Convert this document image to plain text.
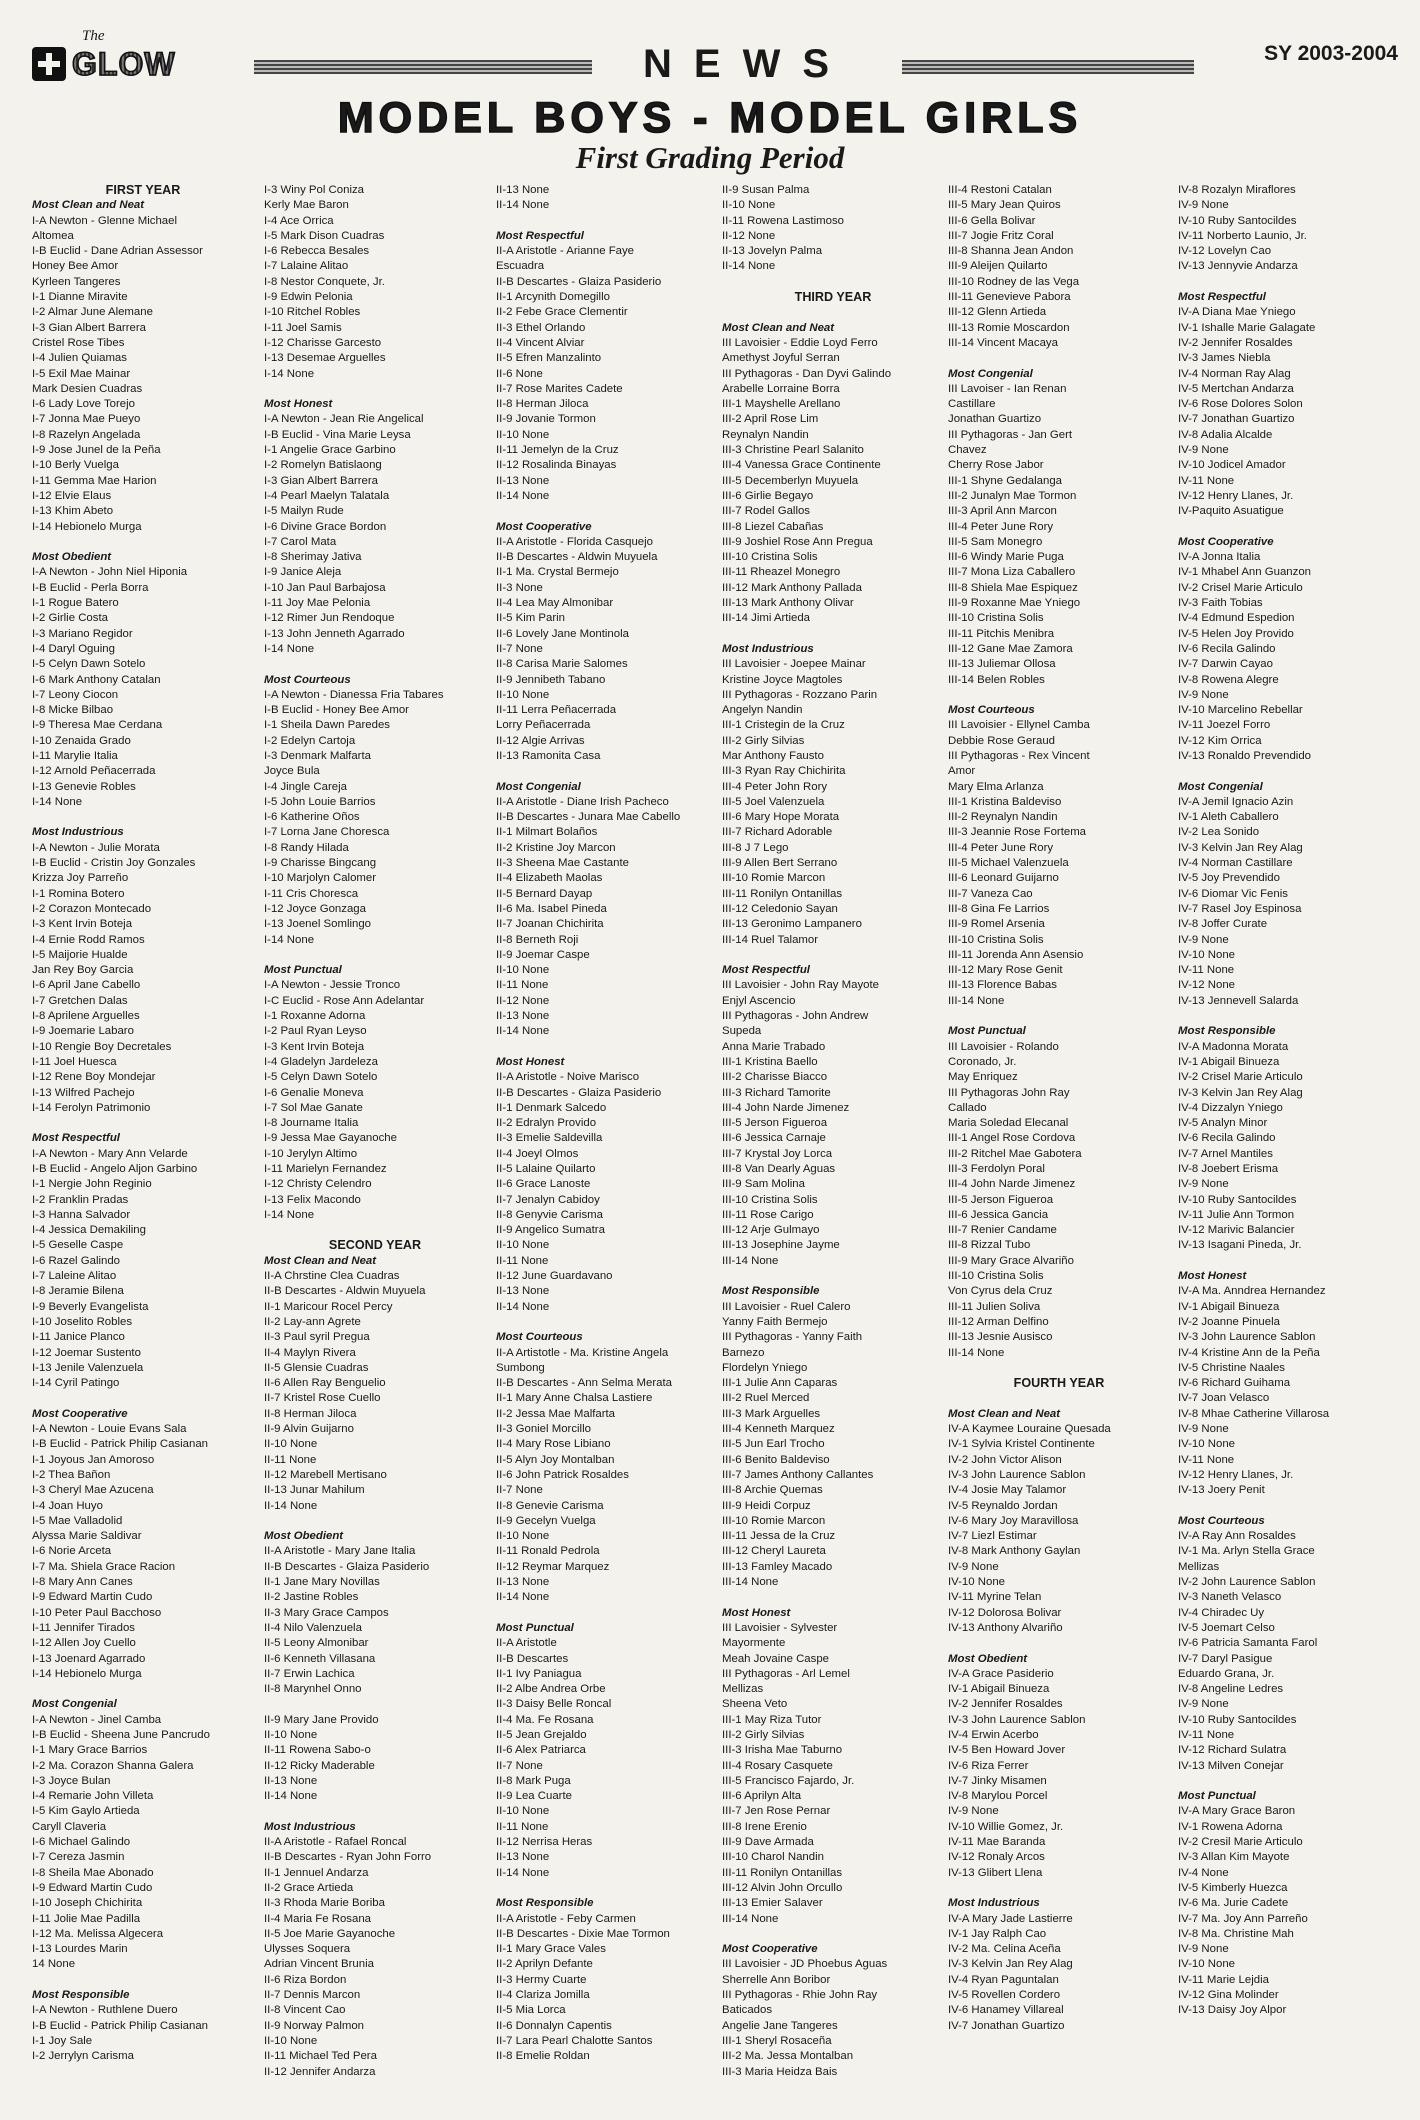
The
GLOW	NEWS	SY 2003-2004
MODEL BOYS - MODEL GIRLS
First Grading Period
FIRST YEAR
Most Clean and Neat
I-A Newton - Glenne Michael
Altomea
I-B Euclid - Dane Adrian Assessor
Honey Bee Amor
Kyrleen Tangeres
I-1 Dianne Miravite
I-2 Almar June Alemane
I-3 Gian Albert Barrera
Cristel Rose Tibes
I-4 Julien Quiamas
I-5 Exil Mae Mainar
Mark Desien Cuadras
I-6 Lady Love Torejo
I-7 Jonna Mae Pueyo
I-8 Razelyn Angelada
I-9 Jose Junel de la Peña
I-10 Berly Vuelga
I-11 Gemma Mae Harion
I-12 Elvie Elaus
I-13 Khim Abeto
I-14 Hebionelo Murga
Most Obedient
I-A Newton - John Niel Hiponia
I-B Euclid - Perla Borra
I-1 Rogue Batero
I-2 Girlie Costa
I-3 Mariano Regidor
I-4 Daryl Oguing
I-5 Celyn Dawn Sotelo
I-6 Mark Anthony Catalan
I-7 Leony Ciocon
I-8 Micke Bilbao
I-9 Theresa Mae Cerdana
I-10 Zenaida Grado
I-11 Marylie Italia
I-12 Arnold Peñacerrada
I-13 Genevie Robles
I-14 None
Most Industrious
I-A Newton - Julie Morata
I-B Euclid - Cristin Joy Gonzales
Krizza Joy Parreño
I-1 Romina Botero
I-2 Corazon Montecado
I-3 Kent Irvin Boteja
I-4 Ernie Rodd Ramos
I-5 Maijorie Hualde
Jan Rey Boy Garcia
I-6 April Jane Cabello
I-7 Gretchen Dalas
I-8 Aprilene Arguelles
I-9 Joemarie Labaro
I-10 Rengie Boy Decretales
I-11 Joel Huesca
I-12 Rene Boy Mondejar
I-13 Wilfred Pachejo
I-14 Ferolyn Patrimonio
Most Respectful
I-A Newton - Mary Ann Velarde
I-B Euclid - Angelo Aljon Garbino
I-1 Nergie John Reginio
I-2 Franklin Pradas
I-3 Hanna Salvador
I-4 Jessica Demakiling
I-5 Geselle Caspe
I-6 Razel Galindo
I-7 Laleine Alitao
I-8 Jeramie Bilena
I-9 Beverly Evangelista
I-10 Joselito Robles
I-11 Janice Planco
I-12 Joemar Sustento
I-13 Jenile Valenzuela
I-14 Cyril Patingo
Most Cooperative
I-A Newton - Louie Evans Sala
I-B Euclid - Patrick Philip Casianan
I-1 Joyous Jan Amoroso
I-2 Thea Bañon
I-3 Cheryl Mae Azucena
I-4 Joan Huyo
I-5 Mae Valladolid
Alyssa Marie Saldivar
I-6 Norie Arceta
I-7 Ma. Shiela Grace Racion
I-8 Mary Ann Canes
I-9 Edward Martin Cudo
I-10 Peter Paul Bacchoso
I-11 Jennifer Tirados
I-12 Allen Joy Cuello
I-13 Joenard Agarrado
I-14 Hebionelo Murga
Most Congenial
I-A Newton - Jinel Camba
I-B Euclid - Sheena June Pancrudo
I-1 Mary Grace Barrios
I-2 Ma. Corazon Shanna Galera
I-3 Joyce Bulan
I-4 Remarie John Villeta
I-5 Kim Gaylo Artieda
Caryll Claveria
I-6 Michael Galindo
I-7 Cereza Jasmin
I-8 Sheila Mae Abonado
I-9 Edward Martin Cudo
I-10 Joseph Chichirita
I-11 Jolie Mae Padilla
I-12 Ma. Melissa Algecera
I-13 Lourdes Marin
14 None
Most Responsible
I-A Newton - Ruthlene Duero
I-B Euclid - Patrick Philip Casianan
I-1 Joy Sale
I-2 Jerrylyn Carisma
I-3 Winy Pol Coniza
Kerly Mae Baron
I-4 Ace Orrica
I-5 Mark Dison Cuadras
I-6 Rebecca Besales
I-7 Lalaine Alitao
I-8 Nestor Conquete, Jr.
I-9 Edwin Pelonia
I-10 Ritchel Robles
I-11 Joel Samis
I-12 Charisse Garcesto
I-13 Desemae Arguelles
I-14 None
Most Honest
I-A Newton - Jean Rie Angelical
I-B Euclid - Vina Marie Leysa
I-1 Angelie Grace Garbino
I-2 Romelyn Batislaong
I-3 Gian Albert Barrera
I-4 Pearl Maelyn Talatala
I-5 Mailyn Rude
I-6 Divine Grace Bordon
I-7 Carol Mata
I-8 Sherimay Jativa
I-9 Janice Aleja
I-10 Jan Paul Barbajosa
I-11 Joy Mae Pelonia
I-12 Rimer Jun Rendoque
I-13 John Jenneth Agarrado
I-14 None
Most Courteous
I-A Newton - Dianessa Fria Tabares
I-B Euclid - Honey Bee Amor
I-1 Sheila Dawn Paredes
I-2 Edelyn Cartoja
I-3 Denmark Malfarta
Joyce Bula
I-4 Jingle Careja
I-5 John Louie Barrios
I-6 Katherine Oños
I-7 Lorna Jane Choresca
I-8 Randy Hilada
I-9 Charisse Bingcang
I-10 Marjolyn Calomer
I-11 Cris Choresca
I-12 Joyce Gonzaga
I-13 Joenel Somlingo
I-14 None
Most Punctual
I-A Newton - Jessie Tronco
I-C Euclid - Rose Ann Adelantar
I-1 Roxanne Adorna
I-2 Paul Ryan Leyso
I-3 Kent Irvin Boteja
I-4 Gladelyn Jardeleza
I-5 Celyn Dawn Sotelo
I-6 Genalie Moneva
I-7 Sol Mae Ganate
I-8 Journame Italia
I-9 Jessa Mae Gayanoche
I-10 Jerylyn Altimo
I-11 Marielyn Fernandez
I-12 Christy Celendro
I-13 Felix Macondo
I-14 None
SECOND YEAR
Most Clean and Neat
II-A Chrstine Clea Cuadras
II-B Descartes - Aldwin Muyuela
II-1 Maricour Rocel Percy
II-2 Lay-ann Agrete
II-3 Paul syril Pregua
II-4 Maylyn Rivera
II-5 Glensie Cuadras
II-6 Allen Ray Benguelio
II-7 Kristel Rose Cuello
II-8 Herman Jiloca
II-9 Alvin Guijarno
II-10 None
II-11 None
II-12 Marebell Mertisano
II-13 Junar Mahilum
II-14 None
Most Obedient
II-A Aristotle - Mary Jane Italia
II-B Descartes - Glaiza Pasiderio
II-1 Jane Mary Novillas
II-2 Jastine Robles
II-3 Mary Grace Campos
II-4 Nilo Valenzuela
II-5 Leony Almonibar
II-6 Kenneth Villasana
II-7 Erwin Lachica
II-8 Marynhel Onno
II-9 Mary Jane Provido
II-10 None
II-11 Rowena Sabo-o
II-12 Ricky Maderable
II-13 None
II-14 None
Most Industrious
II-A Aristotle - Rafael Roncal
II-B Descartes - Ryan John Forro
II-1 Jennuel Andarza
II-2 Grace Artieda
II-3 Rhoda Marie Boriba
II-4 Maria Fe Rosana
II-5 Joe Marie Gayanoche
Ulysses Soquera
Adrian Vincent Brunia
II-6 Riza Bordon
II-7 Dennis Marcon
II-8 Vincent Cao
II-9 Norway Palmon
II-10 None
II-11 Michael Ted Pera
II-12 Jennifer Andarza
II-13 None
II-14 None
Most Respectful
II-A Aristotle - Arianne Faye
Escuadra
II-B Descartes - Glaiza Pasiderio
II-1 Arcynith Domegillo
II-2 Febe Grace Clementir
II-3 Ethel Orlando
II-4 Vincent Alviar
II-5 Efren Manzalinto
II-6 None
II-7 Rose Marites Cadete
II-8 Herman Jiloca
II-9 Jovanie Tormon
II-10 None
II-11 Jemelyn de la Cruz
II-12 Rosalinda Binayas
II-13 None
II-14 None
Most Cooperative
II-A Aristotle - Florida Casquejo
II-B Descartes - Aldwin Muyuela
II-1 Ma. Crystal Bermejo
II-3 None
II-4 Lea May Almonibar
II-5 Kim Parin
II-6 Lovely Jane Montinola
II-7 None
II-8 Carisa Marie Salomes
II-9 Jennibeth Tabano
II-10 None
II-11 Lerra Peñacerrada
Lorry Peñacerrada
II-12 Algie Arrivas
II-13 Ramonita Casa
Most Congenial
II-A Aristotle - Diane Irish Pacheco
II-B Descartes - Junara Mae Cabello
II-1 Milmart Bolaños
II-2 Kristine Joy Marcon
II-3 Sheena Mae Castante
II-4 Elizabeth Maolas
II-5 Bernard Dayap
II-6 Ma. Isabel Pineda
II-7 Joanan Chichirita
II-8 Berneth Roji
II-9 Joemar Caspe
II-10 None
II-11 None
II-12 None
II-13 None
II-14 None
Most Honest
II-A Aristotle - Noive Marisco
II-B Descartes - Glaiza Pasiderio
II-1 Denmark Salcedo
II-2 Edralyn Provido
II-3 Emelie Saldevilla
II-4 Joeyl Olmos
II-5 Lalaine Quilarto
II-6 Grace Lanoste
II-7 Jenalyn Cabidoy
II-8 Genyvie Carisma
II-9 Angelico Sumatra
II-10 None
II-11 None
II-12 June Guardavano
II-13 None
II-14 None
Most Courteous
II-A Artistotle - Ma. Kristine Angela
Sumbong
II-B Descartes - Ann Selma Merata
II-1 Mary Anne Chalsa Lastiere
II-2 Jessa Mae Malfarta
II-3 Goniel Morcillo
II-4 Mary Rose Libiano
II-5 Alyn Joy Montalban
II-6 John Patrick Rosaldes
II-7 None
II-8 Genevie Carisma
II-9 Gecelyn Vuelga
II-10 None
II-11 Ronald Pedrola
II-12 Reymar Marquez
II-13 None
II-14 None
Most Punctual
II-A Aristotle
II-B Descartes
II-1 Ivy Paniagua
II-2 Albe Andrea Orbe
II-3 Daisy Belle Roncal
II-4 Ma. Fe Rosana
II-5 Jean Grejaldo
II-6 Alex Patriarca
II-7 None
II-8 Mark Puga
II-9 Lea Cuarte
II-10 None
II-11 None
II-12 Nerrisa Heras
II-13 None
II-14 None
Most Responsible
II-A Aristotle - Feby Carmen
II-B Descartes - Dixie Mae Tormon
II-1 Mary Grace Vales
II-2 Aprilyn Defante
II-3 Hermy Cuarte
II-4 Clariza Jomilla
II-5 Mia Lorca
II-6 Donnalyn Capentis
II-7 Lara Pearl Chalotte Santos
II-8 Emelie Roldan
II-9 Susan Palma
II-10 None
II-11 Rowena Lastimoso
II-12 None
II-13 Jovelyn Palma
II-14 None
THIRD YEAR
Most Clean and Neat
III Lavoisier - Eddie Loyd Ferro
Amethyst Joyful Serran
III Pythagoras - Dan Dyvi Galindo
Arabelle Lorraine Borra
III-1 Mayshelle Arellano
III-2 April Rose Lim
Reynalyn Nandin
III-3 Christine Pearl Salanito
III-4 Vanessa Grace Continente
III-5 Decemberlyn Muyuela
III-6 Girlie Begayo
III-7 Rodel Gallos
III-8 Liezel Cabañas
III-9 Joshiel Rose Ann Pregua
III-10 Cristina Solis
III-11 Rheazel Monegro
III-12 Mark Anthony Pallada
III-13 Mark Anthony Olivar
III-14 Jimi Artieda
Most Industrious
III Lavoisier - Joepee Mainar
Kristine Joyce Magtoles
III Pythagoras - Rozzano Parin
Angelyn Nandin
III-1 Cristegin de la Cruz
III-2 Girly Silvias
Mar Anthony Fausto
III-3 Ryan Ray Chichirita
III-4 Peter John Rory
III-5 Joel Valenzuela
III-6 Mary Hope Morata
III-7 Richard Adorable
III-8 J 7 Lego
III-9 Allen Bert Serrano
III-10 Romie Marcon
III-11 Ronilyn Ontanillas
III-12 Celedonio Sayan
III-13 Geronimo Lampanero
III-14 Ruel Talamor
Most Respectful
III Lavoisier - John Ray Mayote
Enjyl Ascencio
III Pythagoras - John Andrew
Supeda
Anna Marie Trabado
III-1 Kristina Baello
III-2 Charisse Biacco
III-3 Richard Tamorite
III-4 John Narde Jimenez
III-5 Jerson Figueroa
III-6 Jessica Carnaje
III-7 Krystal Joy Lorca
III-8 Van Dearly Aguas
III-9 Sam Molina
III-10 Cristina Solis
III-11 Rose Carigo
III-12 Arje Gulmayo
III-13 Josephine Jayme
III-14 None
Most Responsible
III Lavoisier - Ruel Calero
Yanny Faith Bermejo
III Pythagoras - Yanny Faith
Barnezo
Flordelyn Yniego
III-1 Julie Ann Caparas
III-2 Ruel Merced
III-3 Mark Arguelles
III-4 Kenneth Marquez
III-5 Jun Earl Trocho
III-6 Benito Baldeviso
III-7 James Anthony Callantes
III-8 Archie Quemas
III-9 Heidi Corpuz
III-10 Romie Marcon
III-11 Jessa de la Cruz
III-12 Cheryl Laureta
III-13 Famley Macado
III-14 None
Most Honest
III Lavoisier - Sylvester
Mayormente
Meah Jovaine Caspe
III Pythagoras - Arl Lemel
Mellizas
Sheena Veto
III-1 May Riza Tutor
III-2 Girly Silvias
III-3 Irisha Mae Taburno
III-4 Rosary Casquete
III-5 Francisco Fajardo, Jr.
III-6 Aprilyn Alta
III-7 Jen Rose Pernar
III-8 Irene Erenio
III-9 Dave Armada
III-10 Charol Nandin
III-11 Ronilyn Ontanillas
III-12 Alvin John Orcullo
III-13 Emier Salaver
III-14 None
Most Cooperative
III Lavoisier - JD Phoebus Aguas
Sherrelle Ann Boribor
III Pythagoras - Rhie John Ray
Baticados
Angelie Jane Tangeres
III-1 Sheryl Rosaceña
III-2 Ma. Jessa Montalban
III-3 Maria Heidza Bais
III-4 Restoni Catalan
III-5 Mary Jean Quiros
III-6 Gella Bolivar
III-7 Jogie Fritz Coral
III-8 Shanna Jean Andon
III-9 Aleijen Quilarto
III-10 Rodney de las Vega
III-11 Genevieve Pabora
III-12 Glenn Artieda
III-13 Romie Moscardon
III-14 Vincent Macaya
Most Congenial
III Lavoiser - Ian Renan
Castillare
Jonathan Guartizo
III Pythagoras - Jan Gert
Chavez
Cherry Rose Jabor
III-1 Shyne Gedalanga
III-2 Junalyn Mae Tormon
III-3 April Ann Marcon
III-4 Peter June Rory
III-5 Sam Monegro
III-6 Windy Marie Puga
III-7 Mona Liza Caballero
III-8 Shiela Mae Espiquez
III-9 Roxanne Mae Yniego
III-10 Cristina Solis
III-11 Pitchis Menibra
III-12 Gane Mae Zamora
III-13 Juliemar Ollosa
III-14 Belen Robles
Most Courteous
III Lavoisier - Ellynel Camba
Debbie Rose Geraud
III Pythagoras - Rex Vincent
Amor
Mary Elma Arlanza
III-1 Kristina Baldeviso
III-2 Reynalyn Nandin
III-3 Jeannie Rose Fortema
III-4 Peter June Rory
III-5 Michael Valenzuela
III-6 Leonard Guijarno
III-7 Vaneza Cao
III-8 Gina Fe Larrios
III-9 Romel Arsenia
III-10 Cristina Solis
III-11 Jorenda Ann Asensio
III-12 Mary Rose Genit
III-13 Florence Babas
III-14 None
Most Punctual
III Lavoisier - Rolando
Coronado, Jr.
May Enriquez
III Pythagoras John Ray
Callado
Maria Soledad Elecanal
III-1 Angel Rose Cordova
III-2 Ritchel Mae Gabotera
III-3 Ferdolyn Poral
III-4 John Narde Jimenez
III-5 Jerson Figueroa
III-6 Jessica Gancia
III-7 Renier Candame
III-8 Rizzal Tubo
III-9 Mary Grace Alvariño
III-10 Cristina Solis
Von Cyrus dela Cruz
III-11 Julien Soliva
III-12 Arman Delfino
III-13 Jesnie Ausisco
III-14 None
FOURTH YEAR
Most Clean and Neat
IV-A Kaymee Louraine Quesada
IV-1 Sylvia Kristel Continente
IV-2 John Victor Alison
IV-3 John Laurence Sablon
IV-4 Josie May Talamor
IV-5 Reynaldo Jordan
IV-6 Mary Joy Maravillosa
IV-7 Liezl Estimar
IV-8 Mark Anthony Gaylan
IV-9 None
IV-10 None
IV-11 Myrine Telan
IV-12 Dolorosa Bolivar
IV-13 Anthony Alvariño
Most Obedient
IV-A Grace Pasiderio
IV-1 Abigail Binueza
IV-2 Jennifer Rosaldes
IV-3 John Laurence Sablon
IV-4 Erwin Acerbo
IV-5 Ben Howard Jover
IV-6 Riza Ferrer
IV-7 Jinky Misamen
IV-8 Marylou Porcel
IV-9 None
IV-10 Willie Gomez, Jr.
IV-11 Mae Baranda
IV-12 Ronaly Arcos
IV-13 Glibert Llena
Most Industrious
IV-A Mary Jade Lastierre
IV-1 Jay Ralph Cao
IV-2 Ma. Celina Aceña
IV-3 Kelvin Jan Rey Alag
IV-4 Ryan Paguntalan
IV-5 Rovellen Cordero
IV-6 Hanamey Villareal
IV-7 Jonathan Guartizo
IV-8 Rozalyn Miraflores
IV-9 None
IV-10 Ruby Santocildes
IV-11 Norberto Launio, Jr.
IV-12 Lovelyn Cao
IV-13 Jennyvie Andarza
Most Respectful
IV-A Diana Mae Yniego
IV-1 Ishalle Marie Galagate
IV-2 Jennifer Rosaldes
IV-3 James Niebla
IV-4 Norman Ray Alag
IV-5 Mertchan Andarza
IV-6 Rose Dolores Solon
IV-7 Jonathan Guartizo
IV-8 Adalia Alcalde
IV-9 None
IV-10 Jodicel Amador
IV-11 None
IV-12 Henry Llanes, Jr.
IV-Paquito Asuatigue
Most Cooperative
IV-A Jonna Italia
IV-1 Mhabel Ann Guanzon
IV-2 Crisel Marie Articulo
IV-3 Faith Tobias
IV-4 Edmund Espedion
IV-5 Helen Joy Provido
IV-6 Recila Galindo
IV-7 Darwin Cayao
IV-8 Rowena Alegre
IV-9 None
IV-10 Marcelino Rebellar
IV-11 Joezel Forro
IV-12 Kim Orrica
IV-13 Ronaldo Prevendido
Most Congenial
IV-A Jemil Ignacio Azin
IV-1 Aleth Caballero
IV-2 Lea Sonido
IV-3 Kelvin Jan Rey Alag
IV-4 Norman Castillare
IV-5 Joy Prevendido
IV-6 Diomar Vic Fenis
IV-7 Rasel Joy Espinosa
IV-8 Joffer Curate
IV-9 None
IV-10 None
IV-11 None
IV-12 None
IV-13 Jennevell Salarda
Most Responsible
IV-A Madonna Morata
IV-1 Abigail Binueza
IV-2 Crisel Marie Articulo
IV-3 Kelvin Jan Rey Alag
IV-4 Dizzalyn Yniego
IV-5 Analyn Minor
IV-6 Recila Galindo
IV-7 Arnel Mantiles
IV-8 Joebert Erisma
IV-9 None
IV-10 Ruby Santocildes
IV-11 Julie Ann Tormon
IV-12 Marivic Balancier
IV-13 Isagani Pineda, Jr.
Most Honest
IV-A Ma. Anndrea Hernandez
IV-1 Abigail Binueza
IV-2 Joanne Pinuela
IV-3 John Laurence Sablon
IV-4 Kristine Ann de la Peña
IV-5 Christine Naales
IV-6 Richard Guihama
IV-7 Joan Velasco
IV-8 Mhae Catherine Villarosa
IV-9 None
IV-10 None
IV-11 None
IV-12 Henry Llanes, Jr.
IV-13 Joery Penit
Most Courteous
IV-A Ray Ann Rosaldes
IV-1 Ma. Arlyn Stella Grace
Mellizas
IV-2 John Laurence Sablon
IV-3 Naneth Velasco
IV-4 Chiradec Uy
IV-5 Joemart Celso
IV-6 Patricia Samanta Farol
IV-7 Daryl Pasigue
Eduardo Grana, Jr.
IV-8 Angeline Ledres
IV-9 None
IV-10 Ruby Santocildes
IV-11 None
IV-12 Richard Sulatra
IV-13 Milven Conejar
Most Punctual
IV-A Mary Grace Baron
IV-1 Rowena Adorna
IV-2 Cresil Marie Articulo
IV-3 Allan Kim Mayote
IV-4 None
IV-5 Kimberly Huezca
IV-6 Ma. Jurie Cadete
IV-7 Ma. Joy Ann Parreño
IV-8 Ma. Christine Mah
IV-9 None
IV-10 None
IV-11 Marie Lejdia
IV-12 Gina Molinder
IV-13 Daisy Joy Alpor
